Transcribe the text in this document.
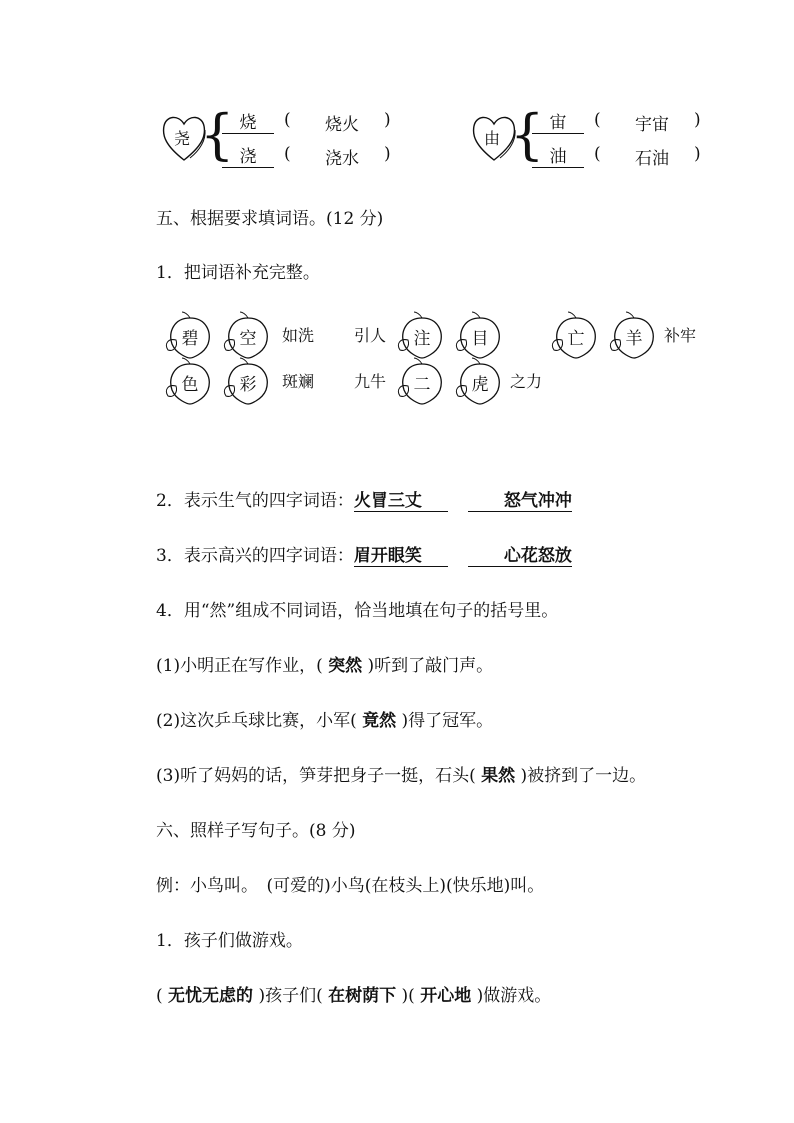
尧 { 烧	(	烧火	)
浇	(	浇水	)
由 { 宙	(	宇宙	)
油	(	石油	)
五、根据要求填词语。(12 分)
1．把词语补充完整。
碧	空	如洗 引人	注	目	亡	羊	补牢
色	彩	斑斓 九牛	二	虎	之力
2．表示生气的四字词语：火冒三丈	怒气冲冲
3．表示高兴的四字词语：眉开眼笑	心花怒放
4．用“然”组成不同词语，恰当地填在句子的括号里。
(1)小明正在写作业，( 突然 )听到了敲门声。
(2)这次乒乓球比赛，小军( 竟然 )得了冠军。
(3)听了妈妈的话，笋芽把身子一挺，石头( 果然 )被挤到了一边。
六、照样子写句子。(8 分)
例：小鸟叫。　(可爱的)小鸟(在枝头上)(快乐地)叫。
1．孩子们做游戏。
( 无忧无虑的 )孩子们( 在树荫下 )( 开心地 )做游戏。
